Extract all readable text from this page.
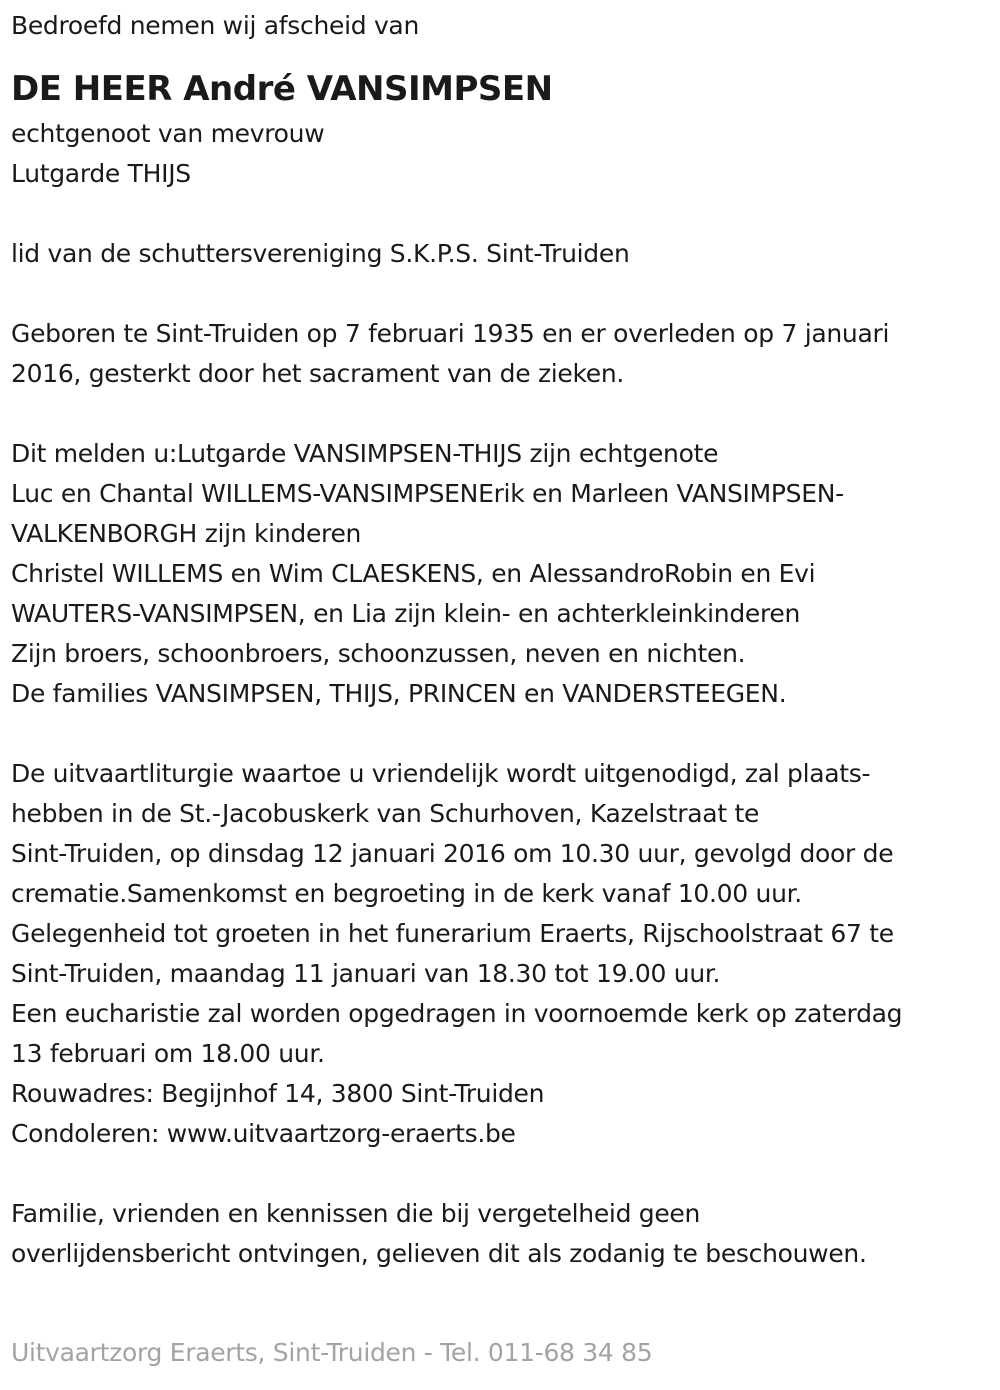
Bedroefd nemen wij afscheid van
DE HEER André VANSIMPSEN
echtgenoot van mevrouw
Lutgarde THIJS
lid van de schuttersvereniging S.K.P.S. Sint-Truiden
Geboren te Sint-Truiden op 7 februari 1935 en er overleden op 7 januari
2016, gesterkt door het sacrament van de zieken.
Dit melden u:Lutgarde VANSIMPSEN-THIJS zijn echtgenote
Luc en Chantal WILLEMS-VANSIMPSENErik en Marleen VANSIMPSEN-
VALKENBORGH zijn kinderen
Christel WILLEMS en Wim CLAESKENS, en AlessandroRobin en Evi
WAUTERS-VANSIMPSEN, en Lia zijn klein- en achterkleinkinderen
Zijn broers, schoonbroers, schoonzussen, neven en nichten.
De families VANSIMPSEN, THIJS, PRINCEN en VANDERSTEEGEN.
De uitvaartliturgie waartoe u vriendelijk wordt uitgenodigd, zal plaats-
hebben in de St.-Jacobuskerk van Schurhoven, Kazelstraat te
Sint-Truiden, op dinsdag 12 januari 2016 om 10.30 uur, gevolgd door de
crematie.Samenkomst en begroeting in de kerk vanaf 10.00 uur.
Gelegenheid tot groeten in het funerarium Eraerts, Rijschoolstraat 67 te
Sint-Truiden, maandag 11 januari van 18.30 tot 19.00 uur.
Een eucharistie zal worden opgedragen in voornoemde kerk op zaterdag
13 februari om 18.00 uur.
Rouwadres: Begijnhof 14, 3800 Sint-Truiden
Condoleren: www.uitvaartzorg-eraerts.be
Familie, vrienden en kennissen die bij vergetelheid geen
overlijdensbericht ontvingen, gelieven dit als zodanig te beschouwen.
Uitvaartzorg Eraerts, Sint-Truiden - Tel. 011-68 34 85
